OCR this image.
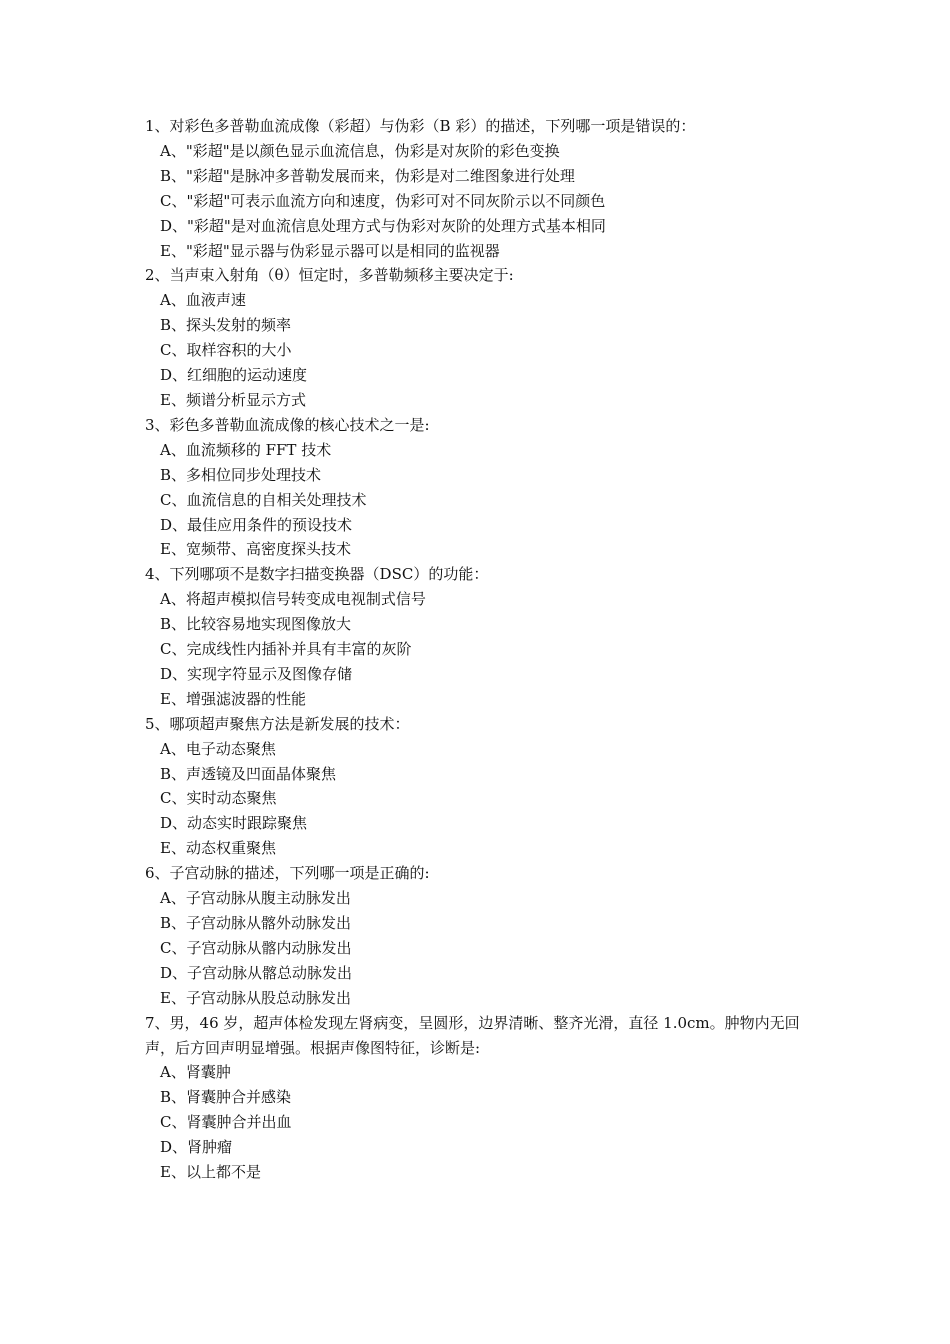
1、对彩色多普勒血流成像（彩超）与伪彩（B 彩）的描述，下列哪一项是错误的：

A、"彩超"是以颜色显示血流信息，伪彩是对灰阶的彩色变换
B、"彩超"是脉冲多普勒发展而来，伪彩是对二维图象进行处理
C、"彩超"可表示血流方向和速度，伪彩可对不同灰阶示以不同颜色
D、"彩超"是对血流信息处理方式与伪彩对灰阶的处理方式基本相同
E、"彩超"显示器与伪彩显示器可以是相同的监视器

2、当声束入射角（θ）恒定时，多普勒频移主要决定于:

A、血液声速
B、探头发射的频率
C、取样容积的大小
D、红细胞的运动速度
E、频谱分析显示方式

3、彩色多普勒血流成像的核心技术之一是:

A、血流频移的 FFT 技术
B、多相位同步处理技术
C、血流信息的自相关处理技术
D、最佳应用条件的预设技术
E、宽频带、高密度探头技术

4、下列哪项不是数字扫描变换器（DSC）的功能：

A、将超声模拟信号转变成电视制式信号
B、比较容易地实现图像放大
C、完成线性内插补并具有丰富的灰阶
D、实现字符显示及图像存储
E、增强滤波器的性能

5、哪项超声聚焦方法是新发展的技术：

A、电子动态聚焦
B、声透镜及凹面晶体聚焦
C、实时动态聚焦
D、动态实时跟踪聚焦
E、动态权重聚焦

6、子宫动脉的描述，下列哪一项是正确的:

A、子宫动脉从腹主动脉发出
B、子宫动脉从髂外动脉发出
C、子宫动脉从髂内动脉发出
D、子宫动脉从髂总动脉发出
E、子宫动脉从股总动脉发出

7、男，46 岁，超声体检发现左肾病变，呈圆形，边界清晰、整齐光滑，直径 1.0cm。肿物内无回声，后方回声明显增强。根据声像图特征，诊断是:

A、肾囊肿
B、肾囊肿合并感染
C、肾囊肿合并出血
D、肾肿瘤
E、以上都不是
